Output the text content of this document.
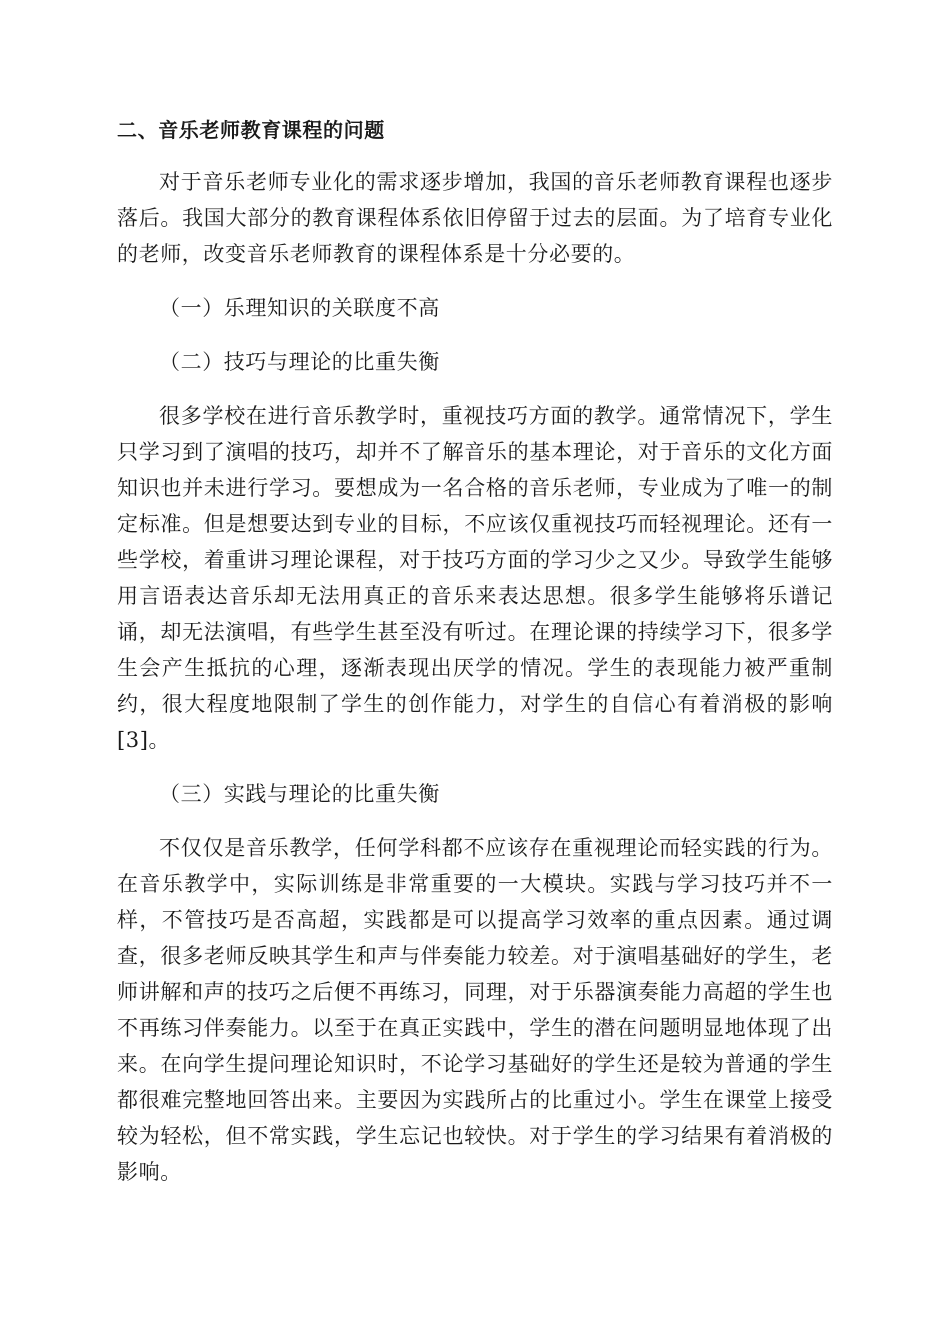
二、音乐老师教育课程的问题

对于音乐老师专业化的需求逐步增加，我国的音乐老师教育课程也逐步落后。我国大部分的教育课程体系依旧停留于过去的层面。为了培育专业化的老师，改变音乐老师教育的课程体系是十分必要的。

（一）乐理知识的关联度不高

（二）技巧与理论的比重失衡

很多学校在进行音乐教学时，重视技巧方面的教学。通常情况下，学生只学习到了演唱的技巧，却并不了解音乐的基本理论，对于音乐的文化方面知识也并未进行学习。要想成为一名合格的音乐老师，专业成为了唯一的制定标准。但是想要达到专业的目标，不应该仅重视技巧而轻视理论。还有一些学校，着重讲习理论课程，对于技巧方面的学习少之又少。导致学生能够用言语表达音乐却无法用真正的音乐来表达思想。很多学生能够将乐谱记诵，却无法演唱，有些学生甚至没有听过。在理论课的持续学习下，很多学生会产生抵抗的心理，逐渐表现出厌学的情况。学生的表现能力被严重制约，很大程度地限制了学生的创作能力，对学生的自信心有着消极的影响[3]。

（三）实践与理论的比重失衡

不仅仅是音乐教学，任何学科都不应该存在重视理论而轻实践的行为。在音乐教学中，实际训练是非常重要的一大模块。实践与学习技巧并不一样，不管技巧是否高超，实践都是可以提高学习效率的重点因素。通过调查，很多老师反映其学生和声与伴奏能力较差。对于演唱基础好的学生，老师讲解和声的技巧之后便不再练习，同理，对于乐器演奏能力高超的学生也不再练习伴奏能力。以至于在真正实践中，学生的潜在问题明显地体现了出来。在向学生提问理论知识时，不论学习基础好的学生还是较为普通的学生都很难完整地回答出来。主要因为实践所占的比重过小。学生在课堂上接受较为轻松，但不常实践，学生忘记也较快。对于学生的学习结果有着消极的影响。
